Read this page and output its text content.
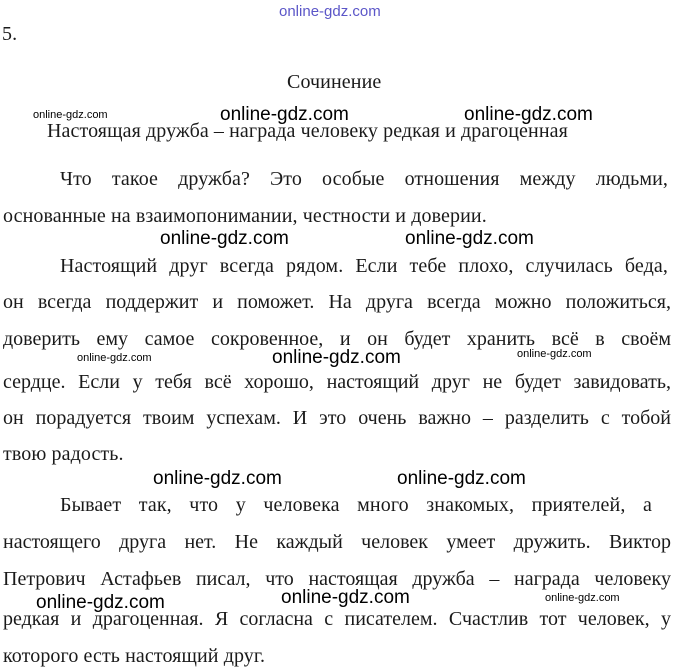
online-gdz.com
5.
Сочинение
Настоящая дружба – награда человеку редкая и драгоценная
Что такое дружба? Это особые отношения между людьми,
основанные на взаимопонимании, честности и доверии.
Настоящий друг всегда рядом. Если тебе плохо, случилась беда,
он всегда поддержит и поможет. На друга всегда можно положиться,
доверить ему самое сокровенное, и он будет хранить всё в своём
сердце. Если у тебя всё хорошо, настоящий друг не будет завидовать,
он порадуется твоим успехам. И это очень важно – разделить с тобой
твою радость.
Бывает так, что у человека много знакомых, приятелей, а
настоящего друга нет. Не каждый человек умеет дружить. Виктор
Петрович Астафьев писал, что настоящая дружба – награда человеку
редкая и драгоценная. Я согласна с писателем. Счастлив тот человек, у
которого есть настоящий друг.
online-gdz.com	online-gdz.com	online-gdz.com
online-gdz.com	online-gdz.com
online-gdz.com	online-gdz.com	online-gdz.com
online-gdz.com	online-gdz.com
online-gdz.com	online-gdz.com	online-gdz.com
